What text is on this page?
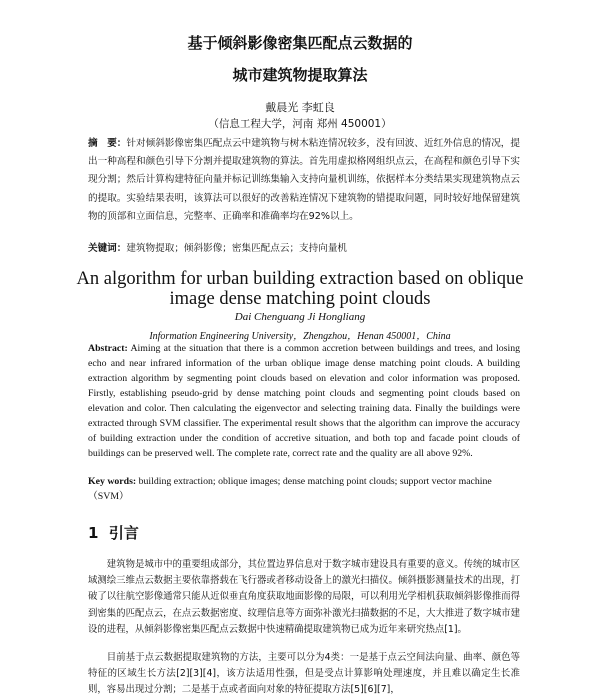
基于倾斜影像密集匹配点云数据的
城市建筑物提取算法
戴晨光 李虹良
（信息工程大学，河南 郑州 450001）
摘　要：针对倾斜影像密集匹配点云中建筑物与树木粘连情况较多，没有回波、近红外信息的情况，提出一种高程和颜色引导下分割并提取建筑物的算法。首先用虚拟格网组织点云，在高程和颜色引导下实现分割；然后计算构建特征向量并标记训练集输入支持向量机训练，依据样本分类结果实现建筑物点云的提取。实验结果表明，该算法可以很好的改善粘连情况下建筑物的错提取问题，同时较好地保留建筑物的顶部和立面信息，完整率、正确率和准确率均在92%以上。
关键词：建筑物提取；倾斜影像；密集匹配点云；支持向量机
An algorithm for urban building extraction based on oblique
image dense matching point clouds
Dai Chenguang Ji Hongliang
Information Engineering University，Zhengzhou，Henan 450001，China
Abstract: Aiming at the situation that there is a common accretion between buildings and trees, and losing echo and near infrared information of the urban oblique image dense matching point clouds. A building extraction algorithm by segmenting point clouds based on elevation and color information was proposed. Firstly, establishing pseudo-grid by dense matching point clouds and segmenting point clouds based on elevation and color. Then calculating the eigenvector and selecting training data. Finally the buildings were extracted through SVM classifier. The experimental result shows that the algorithm can improve the accuracy of building extraction under the condition of accretive situation, and both top and facade point clouds of buildings can be preserved well. The complete rate, correct rate and the quality are all above 92%.
Key words: building extraction; oblique images; dense matching point clouds; support vector machine（SVM）
1 引言
建筑物是城市中的重要组成部分，其位置边界信息对于数字城市建设具有重要的意义。传统的城市区域测绘三维点云数据主要依靠搭载在飞行器或者移动设备上的激光扫描仪。倾斜摄影测量技术的出现，打破了以往航空影像通常只能从近似垂直角度获取地面影像的局限，可以利用光学相机获取倾斜影像推而得到密集的匹配点云，在点云数据密度、纹理信息等方面弥补激光扫描数据的不足，大大推进了数字城市建设的进程，从倾斜影像密集匹配点云数据中快速精确提取建筑物已成为近年来研究热点[1]。
目前基于点云数据提取建筑物的方法，主要可以分为4类：一是基于点云空间法向量、曲率、颜色等特征的区域生长方法[2][3][4]，该方法适用性强，但是受点计算影响处理速度，并且难以确定生长准则，容易出现过分割；二是基于点或者面向对象的特征提取方法[5][6][7]，
